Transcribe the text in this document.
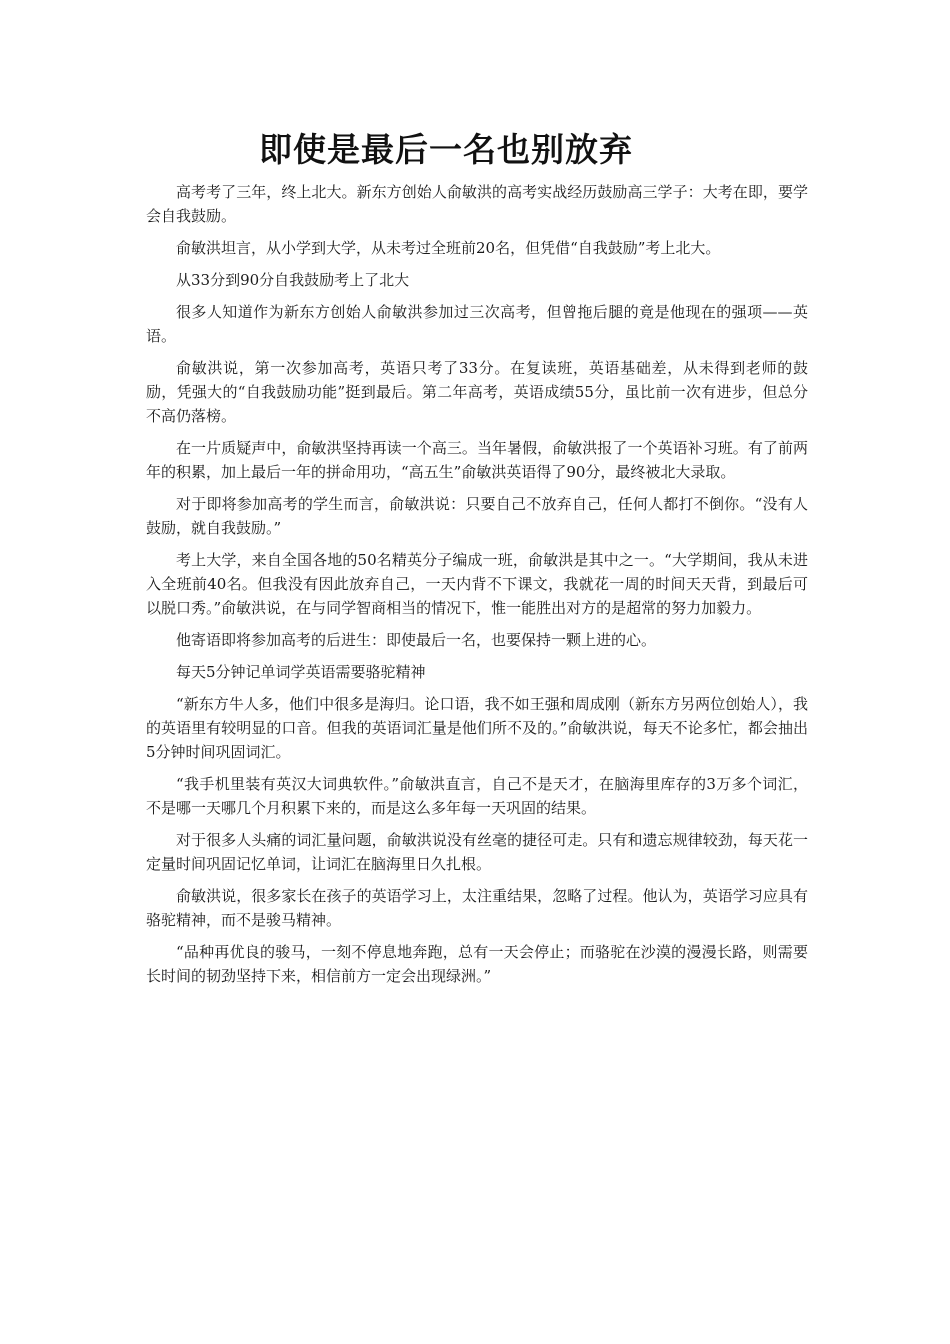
即使是最后一名也别放弃

高考考了三年，终上北大。新东方创始人俞敏洪的高考实战经历鼓励高三学子：大考在即，要学会自我鼓励。

俞敏洪坦言，从小学到大学，从未考过全班前20名，但凭借“自我鼓励”考上北大。

从33分到90分自我鼓励考上了北大

很多人知道作为新东方创始人俞敏洪参加过三次高考，但曾拖后腿的竟是他现在的强项——英语。

俞敏洪说，第一次参加高考，英语只考了33分。在复读班，英语基础差，从未得到老师的鼓励，凭强大的“自我鼓励功能”挺到最后。第二年高考，英语成绩55分，虽比前一次有进步，但总分不高仍落榜。

在一片质疑声中，俞敏洪坚持再读一个高三。当年暑假，俞敏洪报了一个英语补习班。有了前两年的积累，加上最后一年的拼命用功，“高五生”俞敏洪英语得了90分，最终被北大录取。

对于即将参加高考的学生而言，俞敏洪说：只要自己不放弃自己，任何人都打不倒你。“没有人鼓励，就自我鼓励。”

考上大学，来自全国各地的50名精英分子编成一班，俞敏洪是其中之一。“大学期间，我从未进入全班前40名。但我没有因此放弃自己，一天内背不下课文，我就花一周的时间天天背，到最后可以脱口秀。”俞敏洪说，在与同学智商相当的情况下，惟一能胜出对方的是超常的努力加毅力。

他寄语即将参加高考的后进生：即使最后一名，也要保持一颗上进的心。

每天5分钟记单词学英语需要骆驼精神

“新东方牛人多，他们中很多是海归。论口语，我不如王强和周成刚（新东方另两位创始人），我的英语里有较明显的口音。但我的英语词汇量是他们所不及的。”俞敏洪说，每天不论多忙，都会抽出5分钟时间巩固词汇。

“我手机里装有英汉大词典软件。”俞敏洪直言，自己不是天才，在脑海里库存的3万多个词汇，不是哪一天哪几个月积累下来的，而是这么多年每一天巩固的结果。

对于很多人头痛的词汇量问题，俞敏洪说没有丝毫的捷径可走。只有和遗忘规律较劲，每天花一定量时间巩固记忆单词，让词汇在脑海里日久扎根。

俞敏洪说，很多家长在孩子的英语学习上，太注重结果，忽略了过程。他认为，英语学习应具有骆驼精神，而不是骏马精神。

“品种再优良的骏马，一刻不停息地奔跑，总有一天会停止；而骆驼在沙漠的漫漫长路，则需要长时间的韧劲坚持下来，相信前方一定会出现绿洲。”
